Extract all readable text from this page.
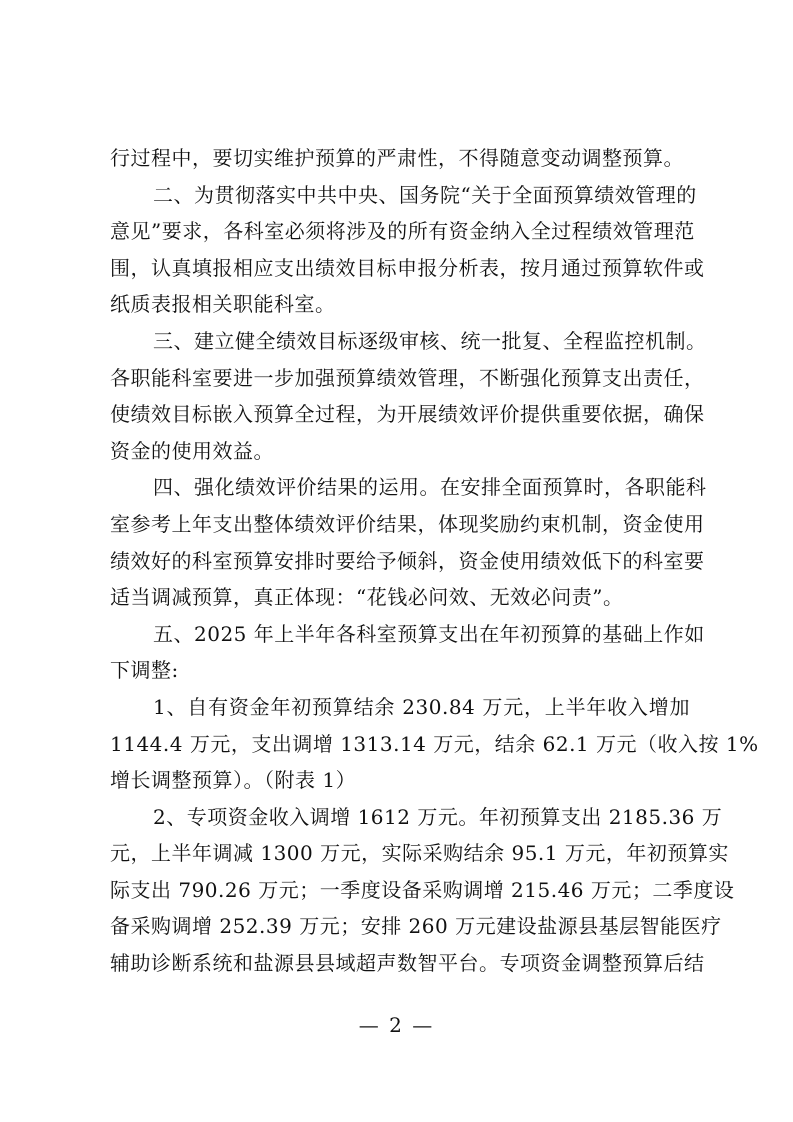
行过程中，要切实维护预算的严肃性，不得随意变动调整预算。
二、为贯彻落实中共中央、国务院“关于全面预算绩效管理的
意见”要求，各科室必须将涉及的所有资金纳入全过程绩效管理范
围，认真填报相应支出绩效目标申报分析表，按月通过预算软件或
纸质表报相关职能科室。
三、建立健全绩效目标逐级审核、统一批复、全程监控机制。
各职能科室要进一步加强预算绩效管理，不断强化预算支出责任，
使绩效目标嵌入预算全过程，为开展绩效评价提供重要依据，确保
资金的使用效益。
四、强化绩效评价结果的运用。在安排全面预算时，各职能科
室参考上年支出整体绩效评价结果，体现奖励约束机制，资金使用
绩效好的科室预算安排时要给予倾斜，资金使用绩效低下的科室要
适当调减预算，真正体现：“花钱必问效、无效必问责”。
五、2025 年上半年各科室预算支出在年初预算的基础上作如
下调整:
1、自有资金年初预算结余 230.84 万元，上半年收入增加
1144.4 万元，支出调增 1313.14 万元，结余 62.1 万元（收入按 1%
增长调整预算）。（附表 1）
2、专项资金收入调增 1612 万元。年初预算支出 2185.36 万
元，上半年调减 1300 万元，实际采购结余 95.1 万元，年初预算实
际支出 790.26 万元；一季度设备采购调增 215.46 万元；二季度设
备采购调增 252.39 万元；安排 260 万元建设盐源县基层智能医疗
辅助诊断系统和盐源县县域超声数智平台。专项资金调整预算后结
— 2 —
